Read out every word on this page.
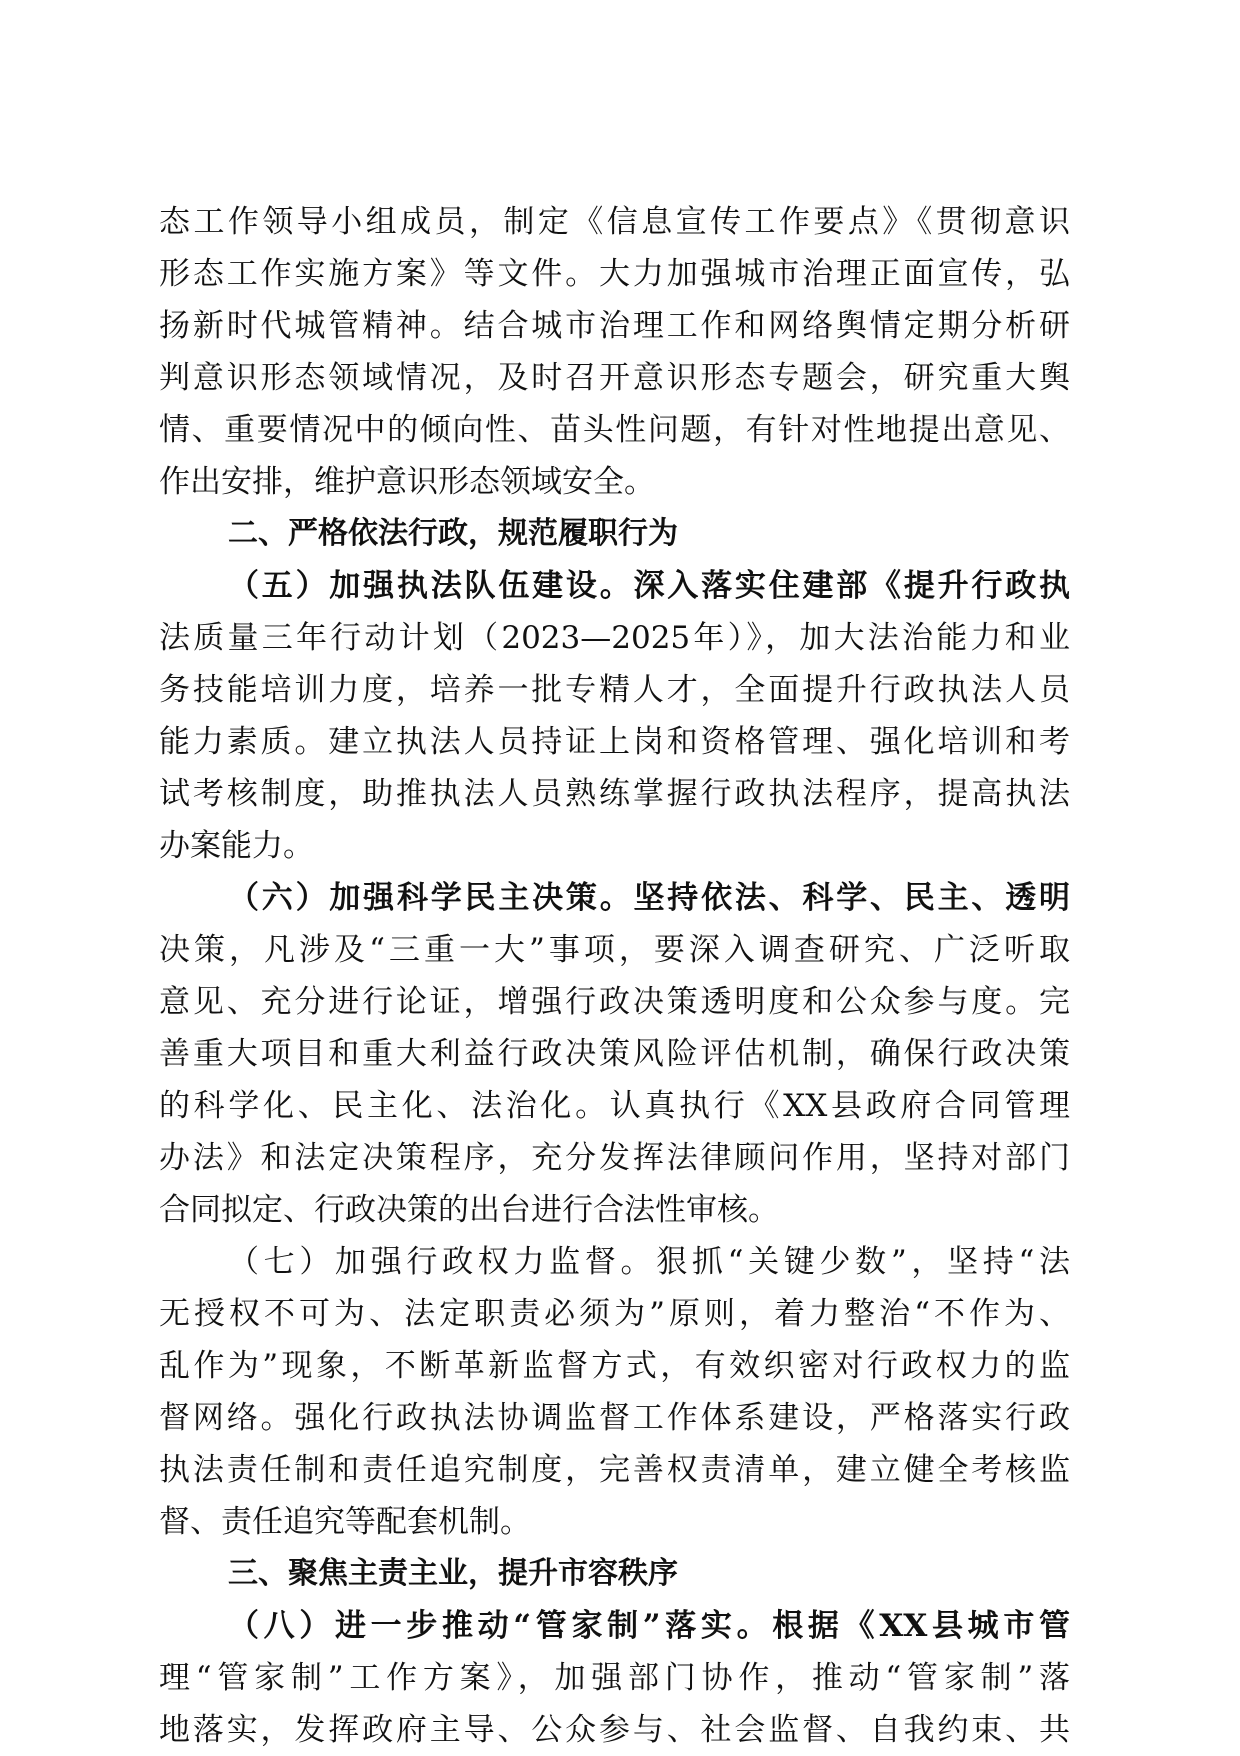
态工作领导小组成员，制定《信息宣传工作要点》《贯彻意识
形态工作实施方案》等文件。大力加强城市治理正面宣传，弘
扬新时代城管精神。结合城市治理工作和网络舆情定期分析研
判意识形态领域情况，及时召开意识形态专题会，研究重大舆
情、重要情况中的倾向性、苗头性问题，有针对性地提出意见、
作出安排，维护意识形态领域安全。
二、严格依法行政，规范履职行为
（五）加强执法队伍建设。深入落实住建部《提升行政执
法质量三年行动计划（2023—2025年）》，加大法治能力和业
务技能培训力度，培养一批专精人才，全面提升行政执法人员
能力素质。建立执法人员持证上岗和资格管理、强化培训和考
试考核制度，助推执法人员熟练掌握行政执法程序，提高执法
办案能力。
（六）加强科学民主决策。坚持依法、科学、民主、透明
决策，凡涉及“三重一大”事项，要深入调查研究、广泛听取
意见、充分进行论证，增强行政决策透明度和公众参与度。完
善重大项目和重大利益行政决策风险评估机制，确保行政决策
的科学化、民主化、法治化。认真执行《XX县政府合同管理
办法》和法定决策程序，充分发挥法律顾问作用，坚持对部门
合同拟定、行政决策的出台进行合法性审核。
（七）加强行政权力监督。狠抓“关键少数”，坚持“法
无授权不可为、法定职责必须为”原则，着力整治“不作为、
乱作为”现象，不断革新监督方式，有效织密对行政权力的监
督网络。强化行政执法协调监督工作体系建设，严格落实行政
执法责任制和责任追究制度，完善权责清单，建立健全考核监
督、责任追究等配套机制。
三、聚焦主责主业，提升市容秩序
（八）进一步推动“管家制”落实。根据《XX县城市管
理“管家制”工作方案》，加强部门协作，推动“管家制”落
地落实，发挥政府主导、公众参与、社会监督、自我约束、共
